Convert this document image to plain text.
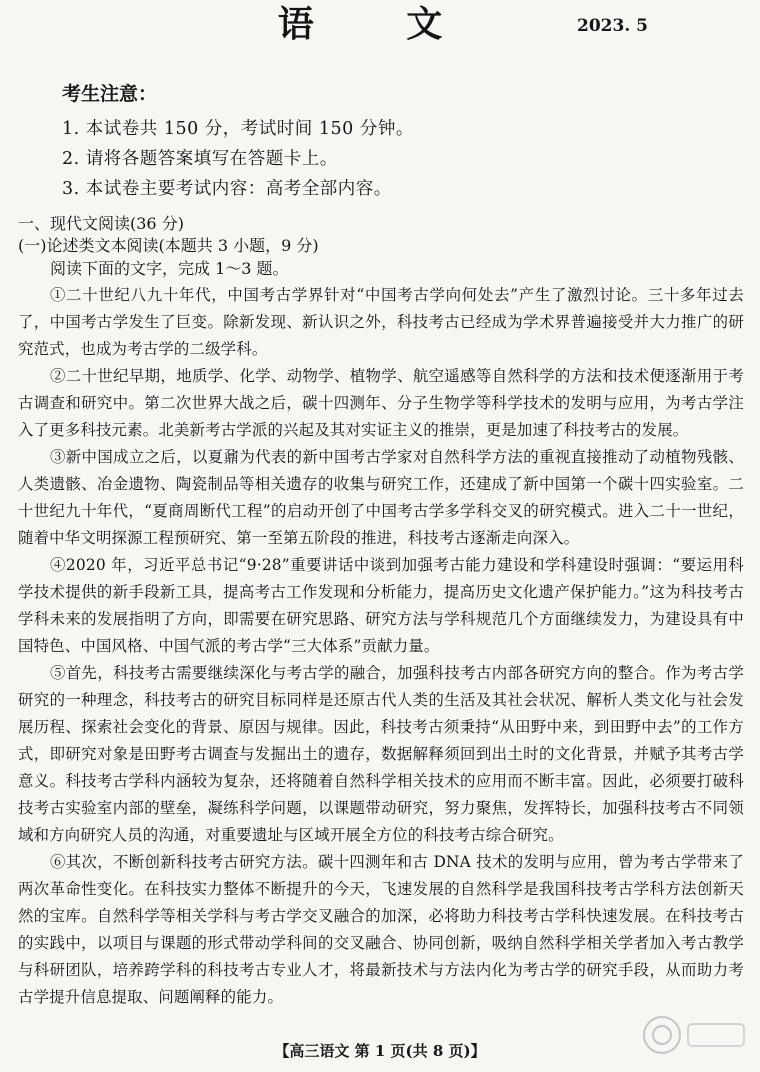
语 文	2023. 5
考生注意：
1. 本试卷共 150 分，考试时间 150 分钟。
2. 请将各题答案填写在答题卡上。
3. 本试卷主要考试内容：高考全部内容。

一、现代文阅读(36 分)

(一)论述类文本阅读(本题共 3 小题，9 分)

阅读下面的文字，完成 1～3 题。

①二十世纪八九十年代，中国考古学界针对“中国考古学向何处去”产生了激烈讨论。三十多年过去了，中国考古学发生了巨变。除新发现、新认识之外，科技考古已经成为学术界普遍接受并大力推广的研究范式，也成为考古学的二级学科。

②二十世纪早期，地质学、化学、动物学、植物学、航空遥感等自然科学的方法和技术便逐渐用于考古调查和研究中。第二次世界大战之后，碳十四测年、分子生物学等科学技术的发明与应用，为考古学注入了更多科技元素。北美新考古学派的兴起及其对实证主义的推崇，更是加速了科技考古的发展。

③新中国成立之后，以夏鼐为代表的新中国考古学家对自然科学方法的重视直接推动了动植物残骸、人类遗骸、冶金遗物、陶瓷制品等相关遗存的收集与研究工作，还建成了新中国第一个碳十四实验室。二十世纪九十年代，“夏商周断代工程”的启动开创了中国考古学多学科交叉的研究模式。进入二十一世纪，随着中华文明探源工程预研究、第一至第五阶段的推进，科技考古逐渐走向深入。

④2020 年，习近平总书记“9·28”重要讲话中谈到加强考古能力建设和学科建设时强调：“要运用科学技术提供的新手段新工具，提高考古工作发现和分析能力，提高历史文化遗产保护能力。”这为科技考古学科未来的发展指明了方向，即需要在研究思路、研究方法与学科规范几个方面继续发力，为建设具有中国特色、中国风格、中国气派的考古学“三大体系”贡献力量。

⑤首先，科技考古需要继续深化与考古学的融合，加强科技考古内部各研究方向的整合。作为考古学研究的一种理念，科技考古的研究目标同样是还原古代人类的生活及其社会状况、解析人类文化与社会发展历程、探索社会变化的背景、原因与规律。因此，科技考古须秉持“从田野中来，到田野中去”的工作方式，即研究对象是田野考古调查与发掘出土的遗存，数据解释须回到出土时的文化背景，并赋予其考古学意义。科技考古学科内涵较为复杂，还将随着自然科学相关技术的应用而不断丰富。因此，必须要打破科技考古实验室内部的壁垒，凝练科学问题，以课题带动研究，努力聚焦，发挥特长，加强科技考古不同领域和方向研究人员的沟通，对重要遗址与区域开展全方位的科技考古综合研究。

⑥其次，不断创新科技考古研究方法。碳十四测年和古 DNA 技术的发明与应用，曾为考古学带来了两次革命性变化。在科技实力整体不断提升的今天，飞速发展的自然科学是我国科技考古学科方法创新天然的宝库。自然科学等相关学科与考古学交叉融合的加深，必将助力科技考古学科快速发展。在科技考古的实践中，以项目与课题的形式带动学科间的交叉融合、协同创新，吸纳自然科学相关学者加入考古教学与科研团队，培养跨学科的科技考古专业人才，将最新技术与方法内化为考古学的研究手段，从而助力考古学提升信息提取、问题阐释的能力。

【高三语文 第 1 页(共 8 页)】
